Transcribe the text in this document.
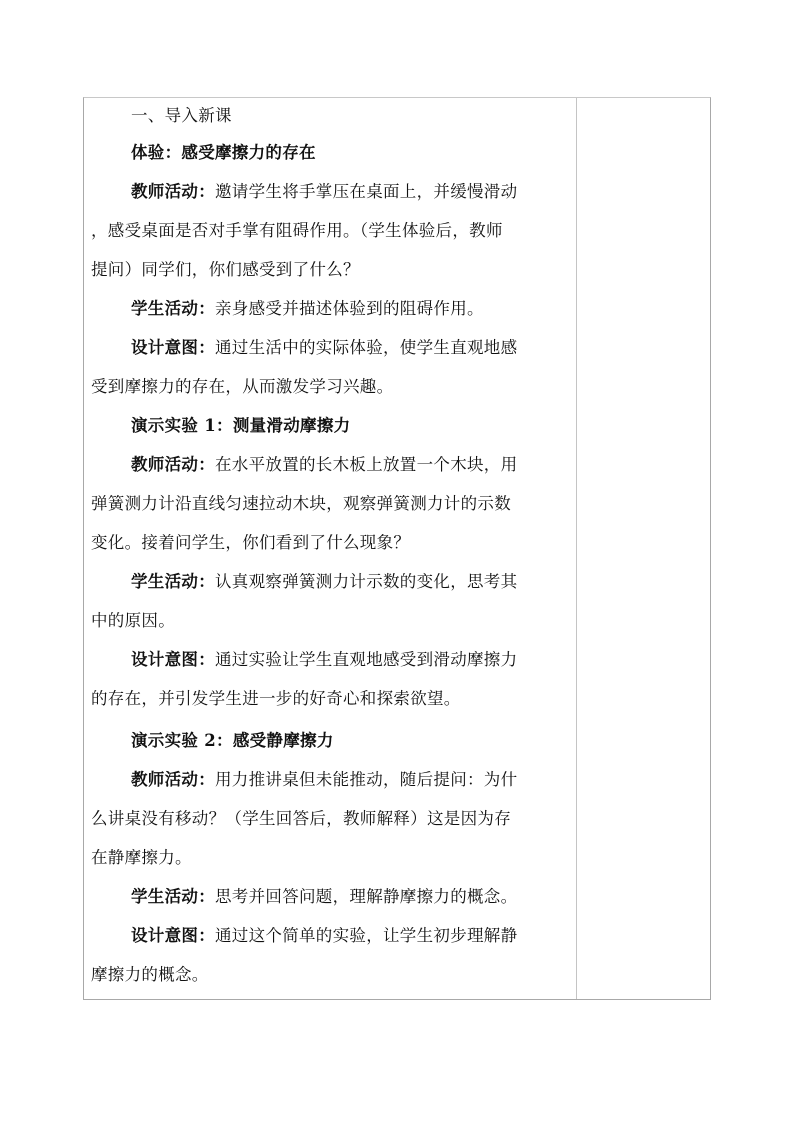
一、导入新课
体验：感受摩擦力的存在
教师活动：邀请学生将手掌压在桌面上，并缓慢滑动
，感受桌面是否对手掌有阻碍作用。（学生体验后，教师
提问）同学们，你们感受到了什么？
学生活动：亲身感受并描述体验到的阻碍作用。
设计意图：通过生活中的实际体验，使学生直观地感
受到摩擦力的存在，从而激发学习兴趣。
演示实验 1：测量滑动摩擦力
教师活动：在水平放置的长木板上放置一个木块，用
弹簧测力计沿直线匀速拉动木块，观察弹簧测力计的示数
变化。接着问学生，你们看到了什么现象？
学生活动：认真观察弹簧测力计示数的变化，思考其
中的原因。
设计意图：通过实验让学生直观地感受到滑动摩擦力
的存在，并引发学生进一步的好奇心和探索欲望。
演示实验 2：感受静摩擦力
教师活动：用力推讲桌但未能推动，随后提问：为什
么讲桌没有移动？（学生回答后，教师解释）这是因为存
在静摩擦力。
学生活动：思考并回答问题，理解静摩擦力的概念。
设计意图：通过这个简单的实验，让学生初步理解静
摩擦力的概念。
